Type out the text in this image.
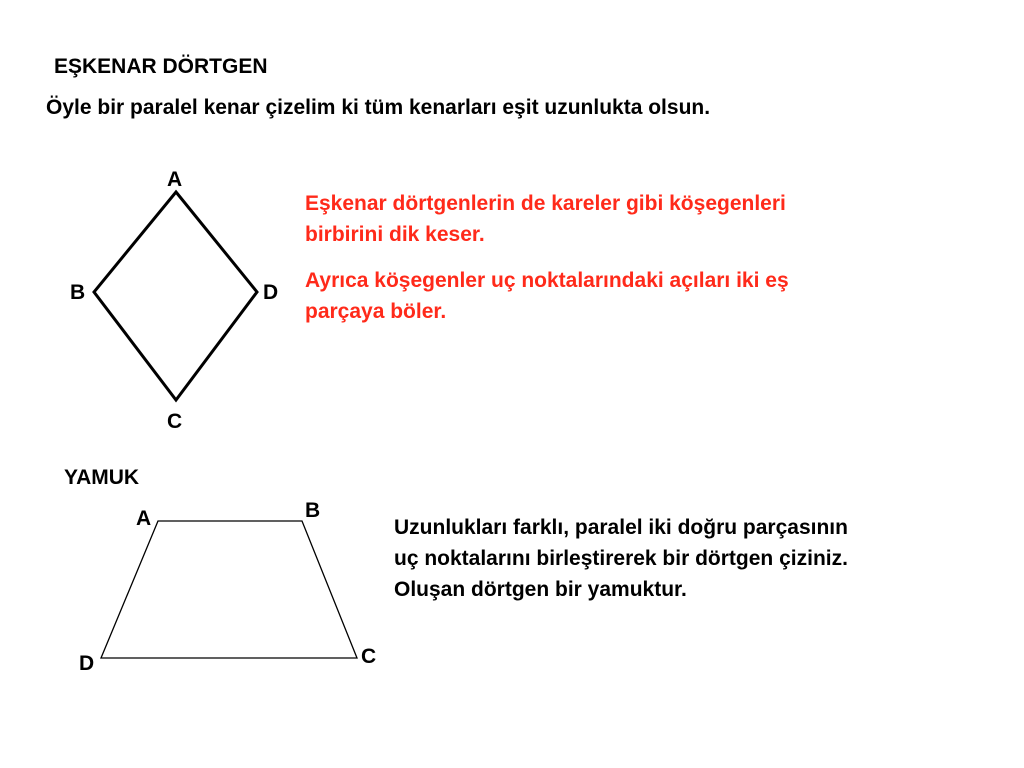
EŞKENAR DÖRTGEN
Öyle bir paralel kenar çizelim ki tüm kenarları eşit uzunlukta olsun.
A
B	D
C
Eşkenar dörtgenlerin de kareler gibi köşegenleri
birbirini dik keser.
Ayrıca köşegenler uç noktalarındaki açıları iki eş
parçaya böler.
YAMUK
A	B
C
D
Uzunlukları farklı, paralel iki doğru parçasının
uç noktalarını birleştirerek bir dörtgen çiziniz.
Oluşan dörtgen bir yamuktur.
